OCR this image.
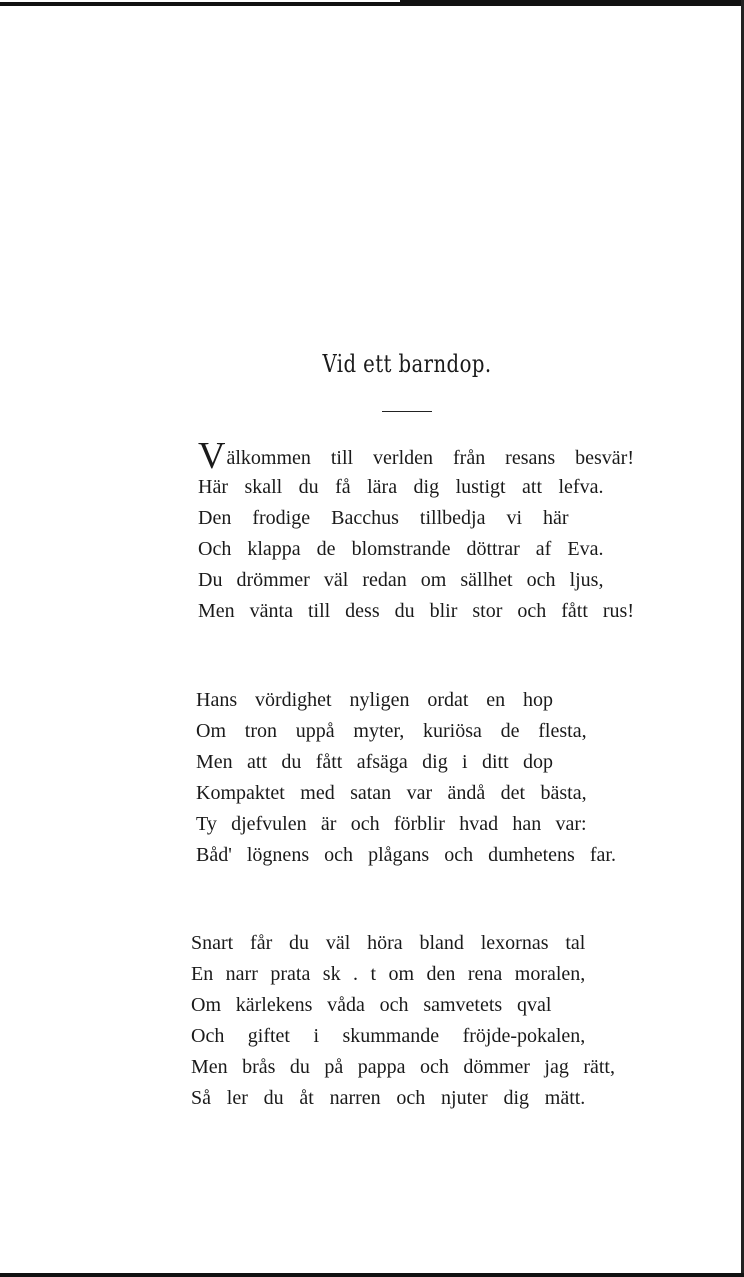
Vid ett barndop.
Välkommen till verlden från resans besvär!
Här skall du få lära dig lustigt att lefva.
Den frodige Bacchus tillbedja vi här
Och klappa de blomstrande döttrar af Eva.
Du drömmer väl redan om sällhet och ljus,
Men vänta till dess du blir stor och fått rus!
Hans vördighet nyligen ordat en hop
Om tron uppå myter, kuriösa de flesta,
Men att du fått afsäga dig i ditt dop
Kompaktet med satan var ändå det bästa,
Ty djefvulen är och förblir hvad han var:
Båd' lögnens och plågans och dumhetens far.
Snart får du väl höra bland lexornas tal
En narr prata sk . t om den rena moralen,
Om kärlekens våda och samvetets qval
Och giftet i skummande fröjde-pokalen,
Men brås du på pappa och dömmer jag rätt,
Så ler du åt narren och njuter dig mätt.
